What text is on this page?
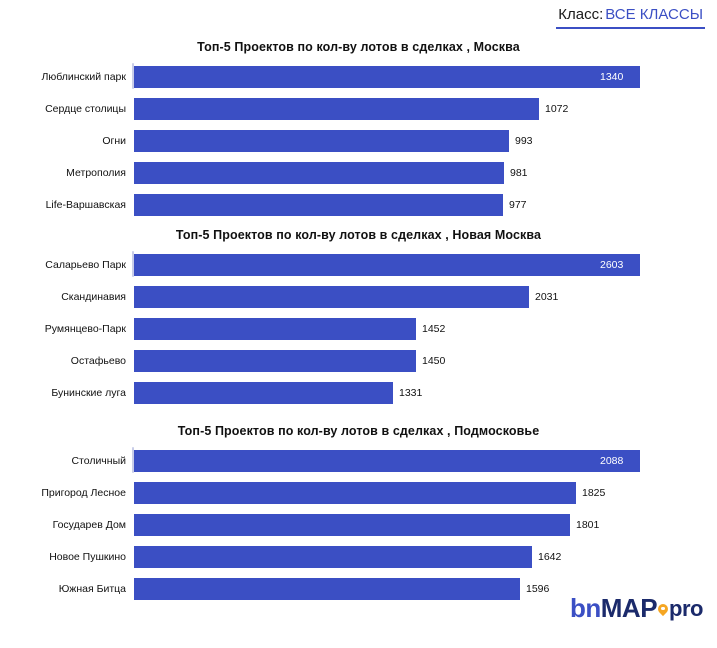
Класс: ВСЕ КЛАССЫ
Топ-5 Проектов по кол-ву лотов в сделках , Москва
Люблинский парк	1340
Сердце столицы	1072
Огни	993
Метрополия	981
Life-Варшавская	977
Топ-5 Проектов по кол-ву лотов в сделках , Новая Москва
Саларьево Парк	2603
Скандинавия	2031
Румянцево-Парк	1452
Остафьево	1450
Бунинские луга	1331
Топ-5 Проектов по кол-ву лотов в сделках , Подмосковье
Столичный	2088
Пригород Лесное	1825
Государев Дом	1801
Новое Пушкино	1642
Южная Битца	1596
bn MAP pro
